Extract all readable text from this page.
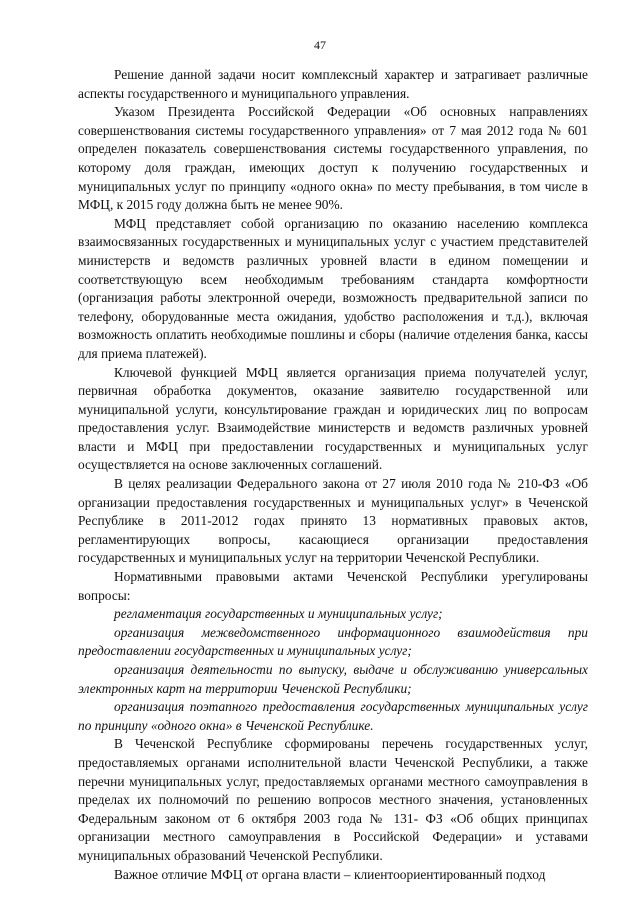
47

Решение данной задачи носит комплексный характер и затрагивает различные аспекты государственного и муниципального управления.

Указом Президента Российской Федерации «Об основных направлениях совершенствования системы государственного управления» от 7 мая 2012 года № 601 определен показатель совершенствования системы государственного управления, по которому доля граждан, имеющих доступ к получению государственных и муниципальных услуг по принципу «одного окна» по месту пребывания, в том числе в МФЦ, к 2015 году должна быть не менее 90%.

МФЦ представляет собой организацию по оказанию населению комплекса взаимосвязанных государственных и муниципальных услуг с участием представителей министерств и ведомств различных уровней власти в едином помещении и соответствующую всем необходимым требованиям стандарта комфортности (организация работы электронной очереди, возможность предварительной записи по телефону, оборудованные места ожидания, удобство расположения и т.д.), включая возможность оплатить необходимые пошлины и сборы (наличие отделения банка, кассы для приема платежей).

Ключевой функцией МФЦ является организация приема получателей услуг, первичная обработка документов, оказание заявителю государственной или муниципальной услуги, консультирование граждан и юридических лиц по вопросам предоставления услуг. Взаимодействие министерств и ведомств различных уровней власти и МФЦ при предоставлении государственных и муниципальных услуг осуществляется на основе заключенных соглашений.

В целях реализации Федерального закона от 27 июля 2010 года № 210-ФЗ «Об организации предоставления государственных и муниципальных услуг» в Чеченской Республике в 2011-2012 годах принято 13 нормативных правовых актов, регламентирующих вопросы, касающиеся организации предоставления государственных и муниципальных услуг на территории Чеченской Республики.

Нормативными правовыми актами Чеченской Республики урегулированы вопросы:

регламентация государственных и муниципальных услуг;

организация межведомственного информационного взаимодействия при предоставлении государственных и муниципальных услуг;

организация деятельности по выпуску, выдаче и обслуживанию универсальных электронных карт на территории Чеченской Республики;

организация поэтапного предоставления государственных муниципальных услуг по принципу «одного окна» в Чеченской Республике.

В Чеченской Республике сформированы перечень государственных услуг, предоставляемых органами исполнительной власти Чеченской Республики, а также перечни муниципальных услуг, предоставляемых органами местного самоуправления в пределах их полномочий по решению вопросов местного значения, установленных Федеральным законом от 6 октября 2003 года № 131- ФЗ «Об общих принципах организации местного самоуправления в Российской Федерации» и уставами муниципальных образований Чеченской Республики.

Важное отличие МФЦ от органа власти – клиентоориентированный подход
